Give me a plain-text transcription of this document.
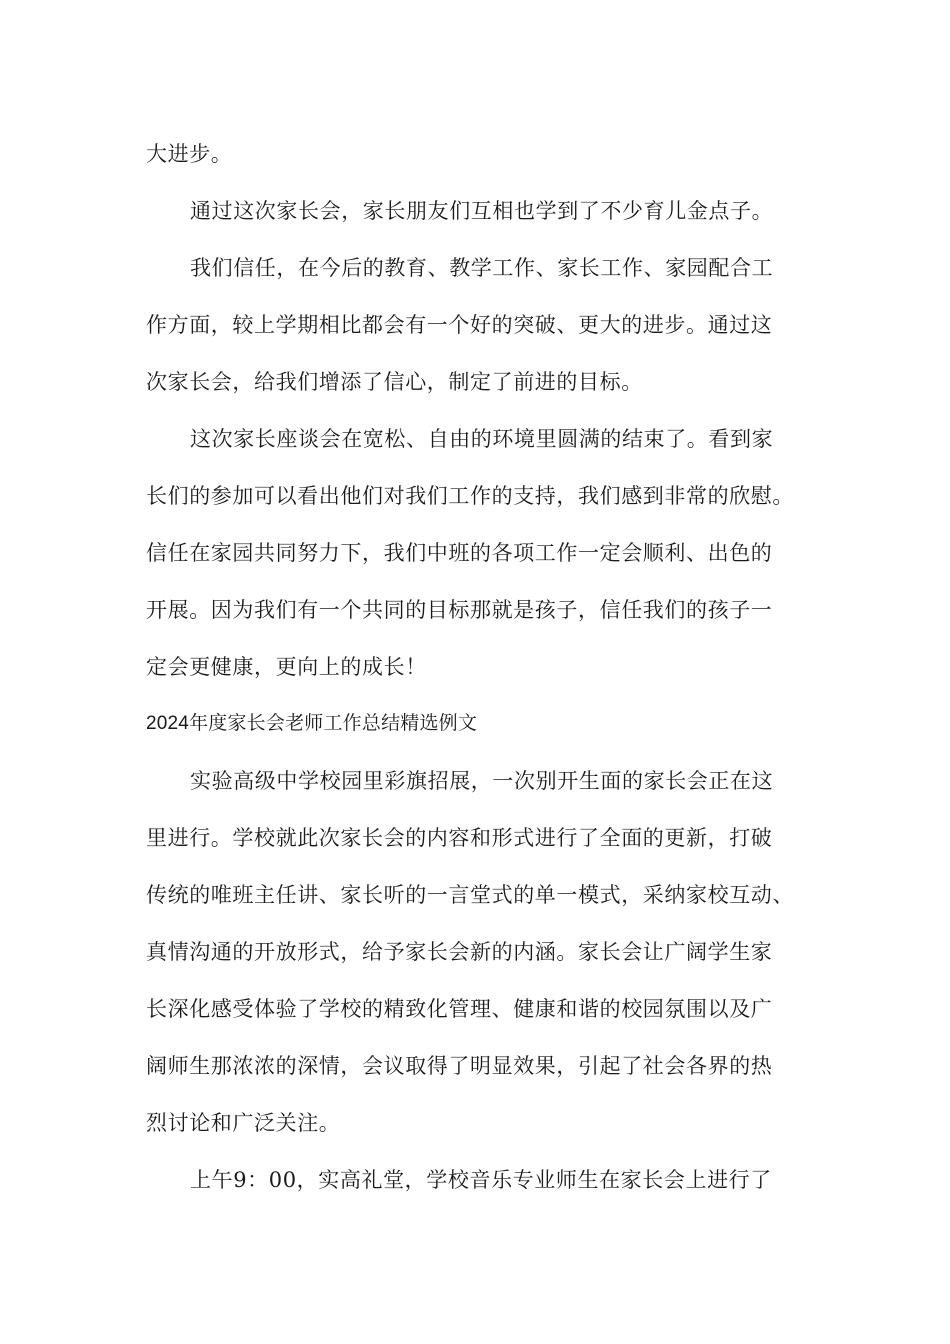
大进步。
通过这次家长会，家长朋友们互相也学到了不少育儿金点子。
我们信任，在今后的教育、教学工作、家长工作、家园配合工
作方面，较上学期相比都会有一个好的突破、更大的进步。通过这
次家长会，给我们增添了信心，制定了前进的目标。
这次家长座谈会在宽松、自由的环境里圆满的结束了。看到家
长们的参加可以看出他们对我们工作的支持，我们感到非常的欣慰。
信任在家园共同努力下，我们中班的各项工作一定会顺利、出色的
开展。因为我们有一个共同的目标那就是孩子，信任我们的孩子一
定会更健康，更向上的成长！
2024年度家长会老师工作总结精选例文
实验高级中学校园里彩旗招展，一次别开生面的家长会正在这
里进行。学校就此次家长会的内容和形式进行了全面的更新，打破
传统的唯班主任讲、家长听的一言堂式的单一模式，采纳家校互动、
真情沟通的开放形式，给予家长会新的内涵。家长会让广阔学生家
长深化感受体验了学校的精致化管理、健康和谐的校园氛围以及广
阔师生那浓浓的深情，会议取得了明显效果，引起了社会各界的热
烈讨论和广泛关注。
上午9：00，实高礼堂，学校音乐专业师生在家长会上进行了
